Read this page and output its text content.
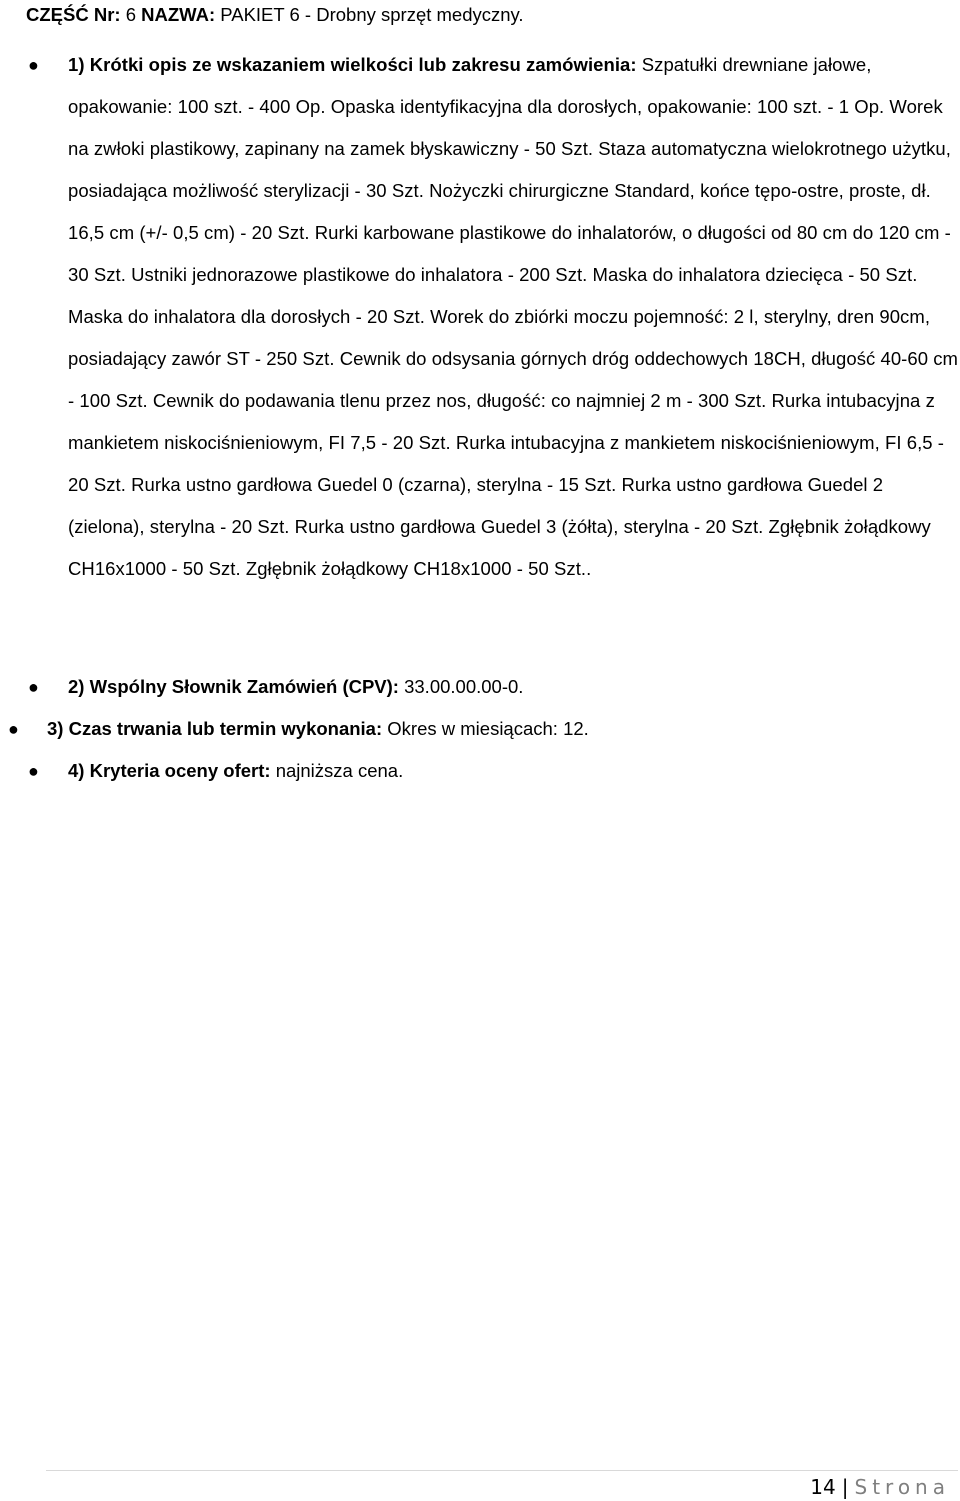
CZĘŚĆ Nr: 6 NAZWA: PAKIET 6 - Drobny sprzęt medyczny.
● 1) Krótki opis ze wskazaniem wielkości lub zakresu zamówienia: Szpatułki drewniane jałowe, opakowanie: 100 szt. - 400 Op. Opaska identyfikacyjna dla dorosłych, opakowanie: 100 szt. - 1 Op. Worek na zwłoki plastikowy, zapinany na zamek błyskawiczny - 50 Szt. Staza automatyczna wielokrotnego użytku, posiadająca możliwość sterylizacji - 30 Szt. Nożyczki chirurgiczne Standard, końce tępo-ostre, proste, dł. 16,5 cm (+/- 0,5 cm) - 20 Szt. Rurki karbowane plastikowe do inhalatorów, o długości od 80 cm do 120 cm - 30 Szt. Ustniki jednorazowe plastikowe do inhalatora - 200 Szt. Maska do inhalatora dziecięca - 50 Szt. Maska do inhalatora dla dorosłych - 20 Szt. Worek do zbiórki moczu pojemność: 2 l, sterylny, dren 90cm, posiadający zawór ST - 250 Szt. Cewnik do odsysania górnych dróg oddechowych 18CH, długość 40-60 cm - 100 Szt. Cewnik do podawania tlenu przez nos, długość: co najmniej 2 m - 300 Szt. Rurka intubacyjna z mankietem niskociśnieniowym, FI 7,5 - 20 Szt. Rurka intubacyjna z mankietem niskociśnieniowym, FI 6,5 - 20 Szt. Rurka ustno gardłowa Guedel 0 (czarna), sterylna - 15 Szt. Rurka ustno gardłowa Guedel 2 (zielona), sterylna - 20 Szt. Rurka ustno gardłowa Guedel 3 (żółta), sterylna - 20 Szt. Zgłębnik żołądkowy CH16x1000 - 50 Szt. Zgłębnik żołądkowy CH18x1000 - 50 Szt..
● 2) Wspólny Słownik Zamówień (CPV): 33.00.00.00-0.
● 3) Czas trwania lub termin wykonania: Okres w miesiącach: 12.
● 4) Kryteria oceny ofert: najniższa cena.
14 | Strona
